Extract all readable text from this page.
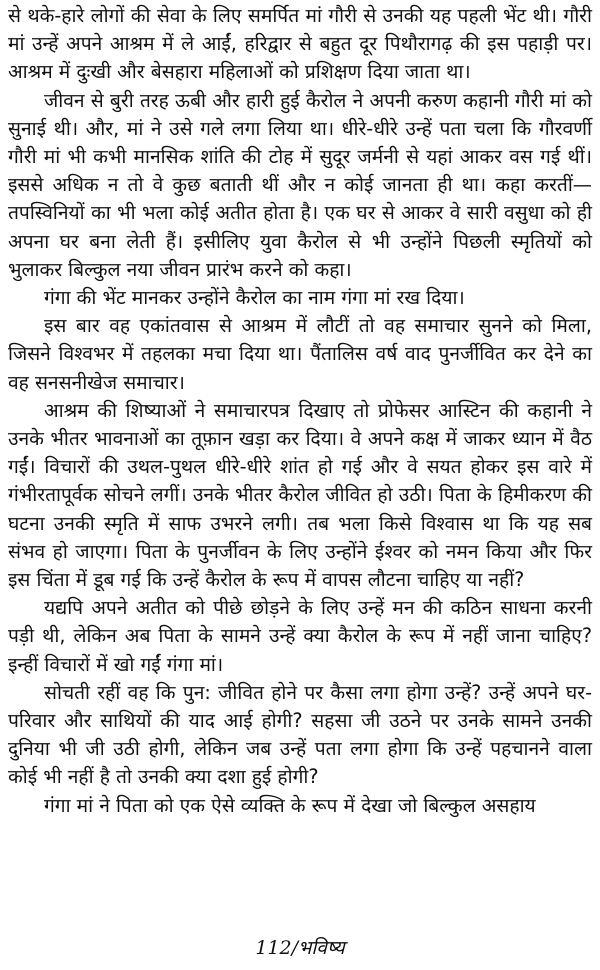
से थके-हारे लोगों की सेवा के लिए समर्पित मां गौरी से उनकी यह पहली भेंट थी। गौरी मां उन्हें अपने आश्रम में ले आईं, हरिद्वार से बहुत दूर पिथौरागढ़ की इस पहाड़ी पर। आश्रम में दुःखी और बेसहारा महिलाओं को प्रशिक्षण दिया जाता था।

जीवन से बुरी तरह ऊबी और हारी हुई कैरोल ने अपनी करुण कहानी गौरी मां को सुनाई थी। और, मां ने उसे गले लगा लिया था। धीरे-धीरे उन्हें पता चला कि गौरवर्णी गौरी मां भी कभी मानसिक शांति की टोह में सुदूर जर्मनी से यहां आकर वस गई थीं। इससे अधिक न तो वे कुछ बताती थीं और न कोई जानता ही था। कहा करतीं—तपस्विनियों का भी भला कोई अतीत होता है। एक घर से आकर वे सारी वसुधा को ही अपना घर बना लेती हैं। इसीलिए युवा कैरोल से भी उन्होंने पिछली स्मृतियों को भुलाकर बिल्कुल नया जीवन प्रारंभ करने को कहा।

गंगा की भेंट मानकर उन्होंने कैरोल का नाम गंगा मां रख दिया।

इस बार वह एकांतवास से आश्रम में लौटीं तो वह समाचार सुनने को मिला, जिसने विश्वभर में तहलका मचा दिया था। पैंतालिस वर्ष वाद पुनर्जीवित कर देने का वह सनसनीखेज समाचार।

आश्रम की शिष्याओं ने समाचारपत्र दिखाए तो प्रोफेसर आस्टिन की कहानी ने उनके भीतर भावनाओं का तूफ़ान खड़ा कर दिया। वे अपने कक्ष में जाकर ध्यान में वैठ गईं। विचारों की उथल-पुथल धीरे-धीरे शांत हो गई और वे सयत होकर इस वारे में गंभीरतापूर्वक सोचने लगीं। उनके भीतर कैरोल जीवित हो उठी। पिता के हिमीकरण की घटना उनकी स्मृति में साफ उभरने लगी। तब भला किसे विश्वास था कि यह सब संभव हो जाएगा। पिता के पुनर्जीवन के लिए उन्होंने ईश्वर को नमन किया और फिर इस चिंता में डूब गई कि उन्हें कैरोल के रूप में वापस लौटना चाहिए या नहीं?

यद्यपि अपने अतीत को पीछे छोड़ने के लिए उन्हें मन की कठिन साधना करनी पड़ी थी, लेकिन अब पिता के सामने उन्हें क्या कैरोल के रूप में नहीं जाना चाहिए? इन्हीं विचारों में खो गईं गंगा मां।

सोचती रहीं वह कि पुन: जीवित होने पर कैसा लगा होगा उन्हें? उन्हें अपने घर-परिवार और साथियों की याद आई होगी? सहसा जी उठने पर उनके सामने उनकी दुनिया भी जी उठी होगी, लेकिन जब उन्हें पता लगा होगा कि उन्हें पहचानने वाला कोई भी नहीं है तो उनकी क्या दशा हुई होगी?

गंगा मां ने पिता को एक ऐसे व्यक्ति के रूप में देखा जो बिल्कुल असहाय

112/भविष्य
